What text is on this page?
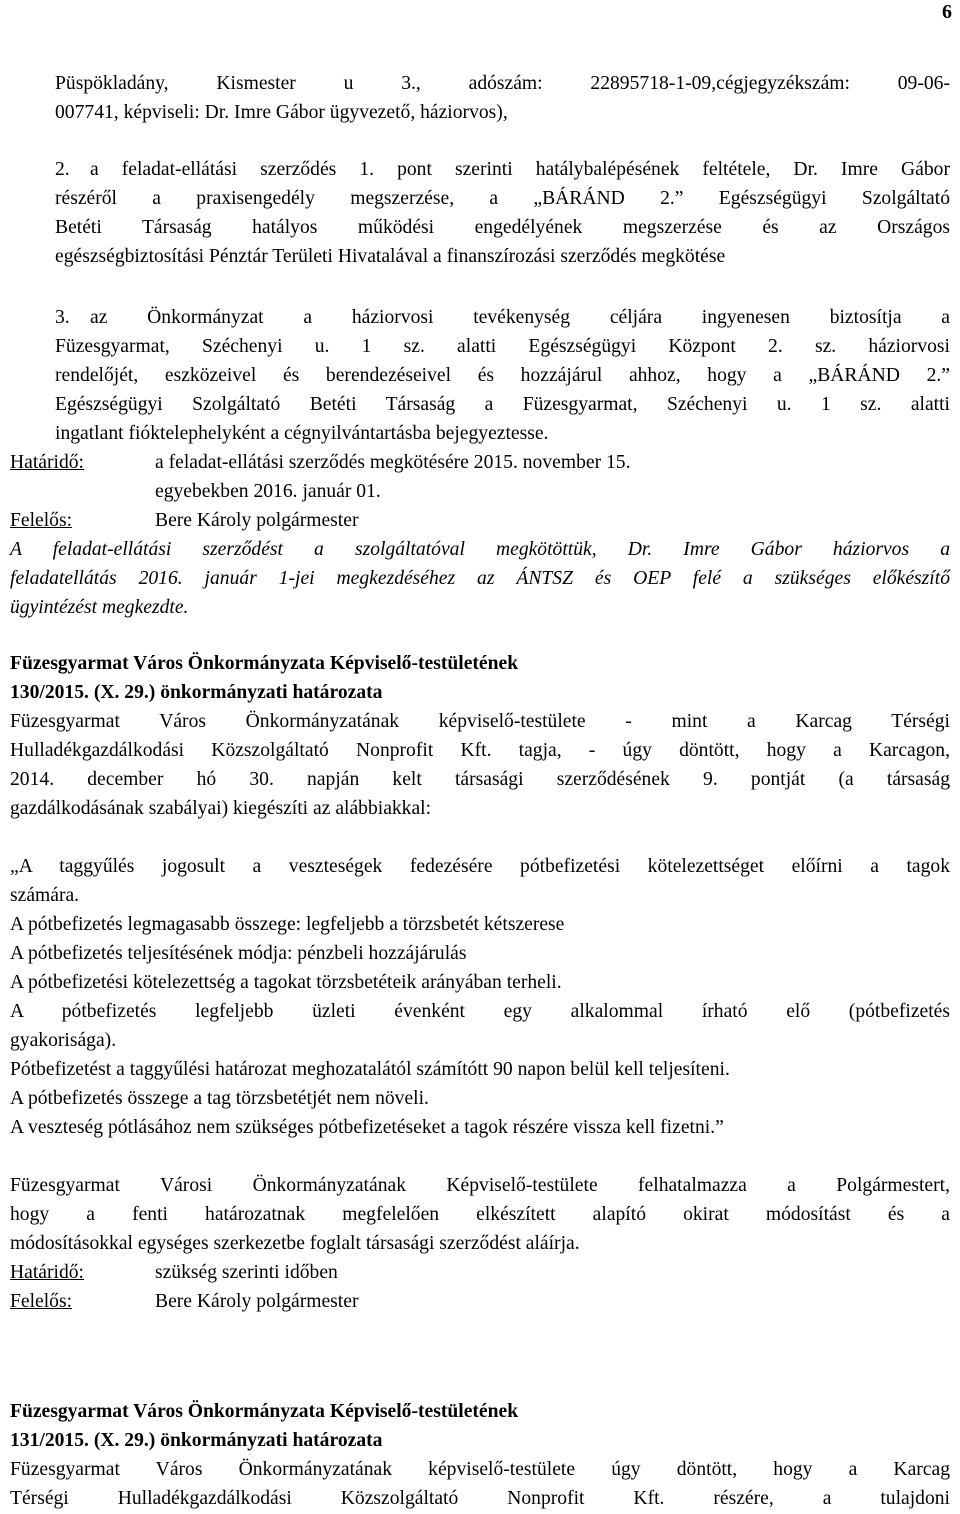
6
Püspökladány, Kismester u 3., adószám: 22895718-1-09,cégjegyzékszám: 09-06-
007741, képviseli: Dr. Imre Gábor ügyvezető, háziorvos),
2.	a feladat-ellátási szerződés 1. pont szerinti hatálybalépésének feltétele, Dr. Imre Gábor
részéről a praxisengedély megszerzése, a „BÁRÁND 2.” Egészségügyi Szolgáltató
Betéti Társaság hatályos működési engedélyének megszerzése és az Országos
egészségbiztosítási Pénztár Területi Hivatalával a finanszírozási szerződés megkötése
3.	az Önkormányzat a háziorvosi tevékenység céljára ingyenesen biztosítja a
Füzesgyarmat, Széchenyi u. 1 sz. alatti Egészségügyi Központ 2. sz. háziorvosi
rendelőjét, eszközeivel és berendezéseivel és hozzájárul ahhoz, hogy a „BÁRÁND 2.”
Egészségügyi Szolgáltató Betéti Társaság a Füzesgyarmat, Széchenyi u. 1 sz. alatti
ingatlant fióktelephelyként a cégnyilvántartásba bejegyeztesse.
Határidő:	a feladat-ellátási szerződés megkötésére 2015. november 15.
egyebekben 2016. január 01.
Felelős:	Bere Károly polgármester
A feladat-ellátási szerződést a szolgáltatóval megkötöttük, Dr. Imre Gábor háziorvos a
feladatellátás 2016. január 1-jei megkezdéséhez az ÁNTSZ és OEP felé a szükséges előkészítő
ügyintézést megkezdte.
Füzesgyarmat Város Önkormányzata Képviselő-testületének
130/2015. (X. 29.) önkormányzati határozata
Füzesgyarmat Város Önkormányzatának képviselő-testülete - mint a Karcag Térségi
Hulladékgazdálkodási Közszolgáltató Nonprofit Kft. tagja, - úgy döntött, hogy a Karcagon,
2014. december hó 30. napján kelt társasági szerződésének 9. pontját (a társaság
gazdálkodásának szabályai) kiegészíti az alábbiakkal:
„A taggyűlés jogosult a veszteségek fedezésére pótbefizetési kötelezettséget előírni a tagok
számára.
A pótbefizetés legmagasabb összege: legfeljebb a törzsbetét kétszerese
A pótbefizetés teljesítésének módja: pénzbeli hozzájárulás
A pótbefizetési kötelezettség a tagokat törzsbetéteik arányában terheli.
A pótbefizetés legfeljebb üzleti évenként egy alkalommal írható elő (pótbefizetés
gyakorisága).
Pótbefizetést a taggyűlési határozat meghozatalától számítótt 90 napon belül kell teljesíteni.
A pótbefizetés összege a tag törzsbetétjét nem növeli.
A veszteség pótlásához nem szükséges pótbefizetéseket a tagok részére vissza kell fizetni.”
Füzesgyarmat Városi Önkormányzatának Képviselő-testülete felhatalmazza a Polgármestert,
hogy a fenti határozatnak megfelelően elkészített alapító okirat módosítást és a
módosításokkal egységes szerkezetbe foglalt társasági szerződést aláírja.
Határidő:	szükség szerinti időben
Felelős:	Bere Károly polgármester
Füzesgyarmat Város Önkormányzata Képviselő-testületének
131/2015. (X. 29.) önkormányzati határozata
Füzesgyarmat Város Önkormányzatának képviselő-testülete úgy döntött, hogy a Karcag
Térségi Hulladékgazdálkodási Közszolgáltató Nonprofit Kft. részére, a tulajdoni
